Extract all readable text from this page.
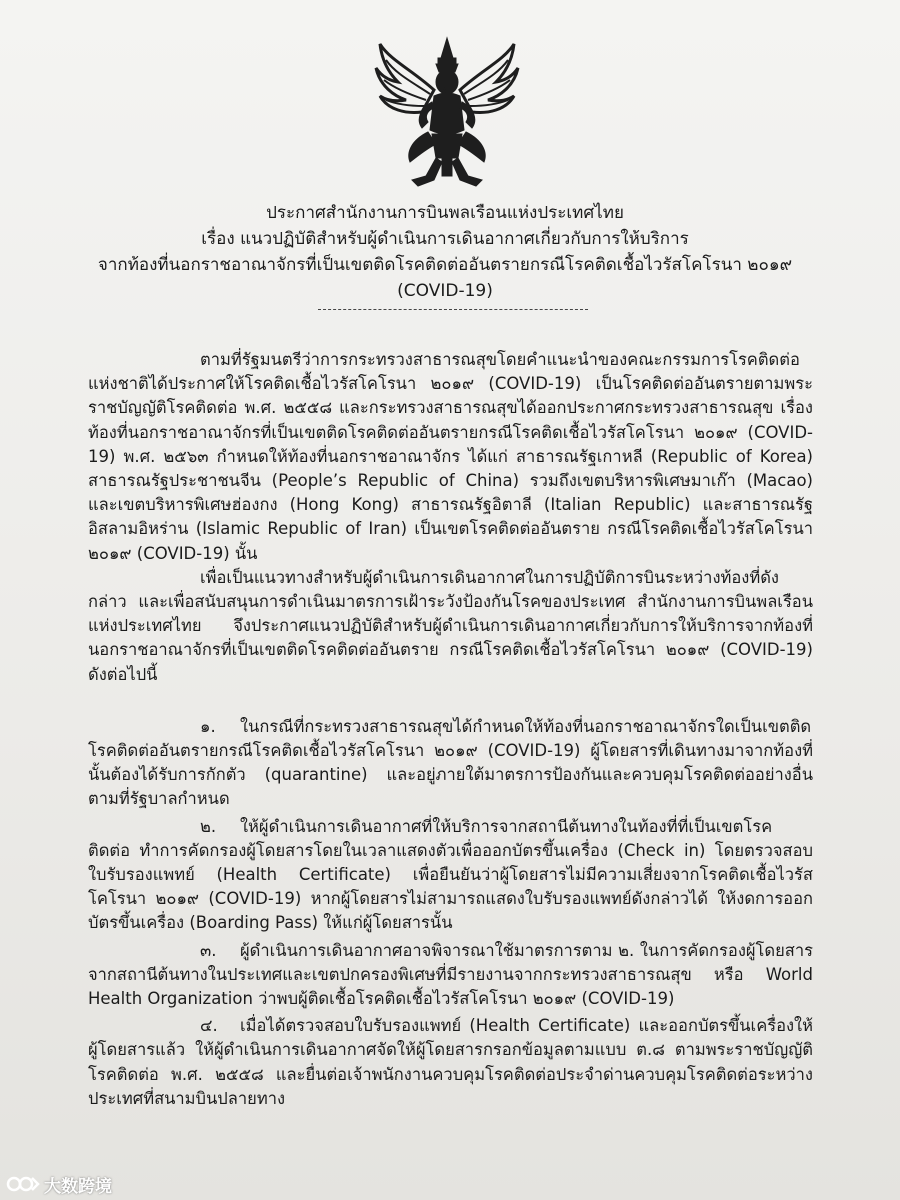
ประกาศสำนักงานการบินพลเรือนแห่งประเทศไทย
เรื่อง แนวปฏิบัติสำหรับผู้ดำเนินการเดินอากาศเกี่ยวกับการให้บริการ
จากท้องที่นอกราชอาณาจักรที่เป็นเขตติดโรคติดต่ออันตรายกรณีโรคติดเชื้อไวรัสโคโรนา ๒๐๑๙
(COVID-19)

ตามที่รัฐมนตรีว่าการกระทรวงสาธารณสุขโดยคำแนะนำของคณะกรรมการโรคติดต่อแห่งชาติได้ประกาศให้โรคติดเชื้อไวรัสโคโรนา ๒๐๑๙ (COVID-19) เป็นโรคติดต่ออันตรายตามพระราชบัญญัติโรคติดต่อ พ.ศ. ๒๕๕๘ และกระทรวงสาธารณสุขได้ออกประกาศกระทรวงสาธารณสุข เรื่อง ท้องที่นอกราชอาณาจักรที่เป็นเขตติดโรคติดต่ออันตรายกรณีโรคติดเชื้อไวรัสโคโรนา ๒๐๑๙ (COVID-19) พ.ศ. ๒๕๖๓ กำหนดให้ท้องที่นอกราชอาณาจักร ได้แก่ สาธารณรัฐเกาหลี (Republic of Korea) สาธารณรัฐประชาชนจีน (People’s Republic of China) รวมถึงเขตบริหารพิเศษมาเก๊า (Macao) และเขตบริหารพิเศษฮ่องกง (Hong Kong) สาธารณรัฐอิตาลี (Italian Republic) และสาธารณรัฐอิสลามอิหร่าน (Islamic Republic of Iran) เป็นเขตโรคติดต่ออันตราย กรณีโรคติดเชื้อไวรัสโคโรนา ๒๐๑๙ (COVID-19) นั้น

เพื่อเป็นแนวทางสำหรับผู้ดำเนินการเดินอากาศในการปฏิบัติการบินระหว่างท้องที่ดังกล่าว และเพื่อสนับสนุนการดำเนินมาตรการเฝ้าระวังป้องกันโรคของประเทศ สำนักงานการบินพลเรือนแห่งประเทศไทย จึงประกาศแนวปฏิบัติสำหรับผู้ดำเนินการเดินอากาศเกี่ยวกับการให้บริการจากท้องที่นอกราชอาณาจักรที่เป็นเขตติดโรคติดต่ออันตราย กรณีโรคติดเชื้อไวรัสโคโรนา ๒๐๑๙ (COVID-19) ดังต่อไปนี้

๑. ในกรณีที่กระทรวงสาธารณสุขได้กำหนดให้ท้องที่นอกราชอาณาจักรใดเป็นเขตติดโรคติดต่ออันตรายกรณีโรคติดเชื้อไวรัสโคโรนา ๒๐๑๙ (COVID-19) ผู้โดยสารที่เดินทางมาจากท้องที่นั้นต้องได้รับการกักตัว (quarantine) และอยู่ภายใต้มาตรการป้องกันและควบคุมโรคติดต่ออย่างอื่นตามที่รัฐบาลกำหนด

๒. ให้ผู้ดำเนินการเดินอากาศที่ให้บริการจากสถานีต้นทางในท้องที่ที่เป็นเขตโรคติดต่อ ทำการคัดกรองผู้โดยสารโดยในเวลาแสดงตัวเพื่อออกบัตรขึ้นเครื่อง (Check in) โดยตรวจสอบใบรับรองแพทย์ (Health Certificate) เพื่อยืนยันว่าผู้โดยสารไม่มีความเสี่ยงจากโรคติดเชื้อไวรัสโคโรนา ๒๐๑๙ (COVID-19) หากผู้โดยสารไม่สามารถแสดงใบรับรองแพทย์ดังกล่าวได้ ให้งดการออกบัตรขึ้นเครื่อง (Boarding Pass) ให้แก่ผู้โดยสารนั้น

๓. ผู้ดำเนินการเดินอากาศอาจพิจารณาใช้มาตรการตาม ๒. ในการคัดกรองผู้โดยสารจากสถานีต้นทางในประเทศและเขตปกครองพิเศษที่มีรายงานจากกระทรวงสาธารณสุข หรือ World Health Organization ว่าพบผู้ติดเชื้อโรคติดเชื้อไวรัสโคโรนา ๒๐๑๙ (COVID-19)

๔. เมื่อได้ตรวจสอบใบรับรองแพทย์ (Health Certificate) และออกบัตรขึ้นเครื่องให้ผู้โดยสารแล้ว ให้ผู้ดำเนินการเดินอากาศจัดให้ผู้โดยสารกรอกข้อมูลตามแบบ ต.๘ ตามพระราชบัญญัติโรคติดต่อ พ.ศ. ๒๕๕๘ และยื่นต่อเจ้าพนักงานควบคุมโรคติดต่อประจำด่านควบคุมโรคติดต่อระหว่างประเทศที่สนามบินปลายทาง

大数跨境
